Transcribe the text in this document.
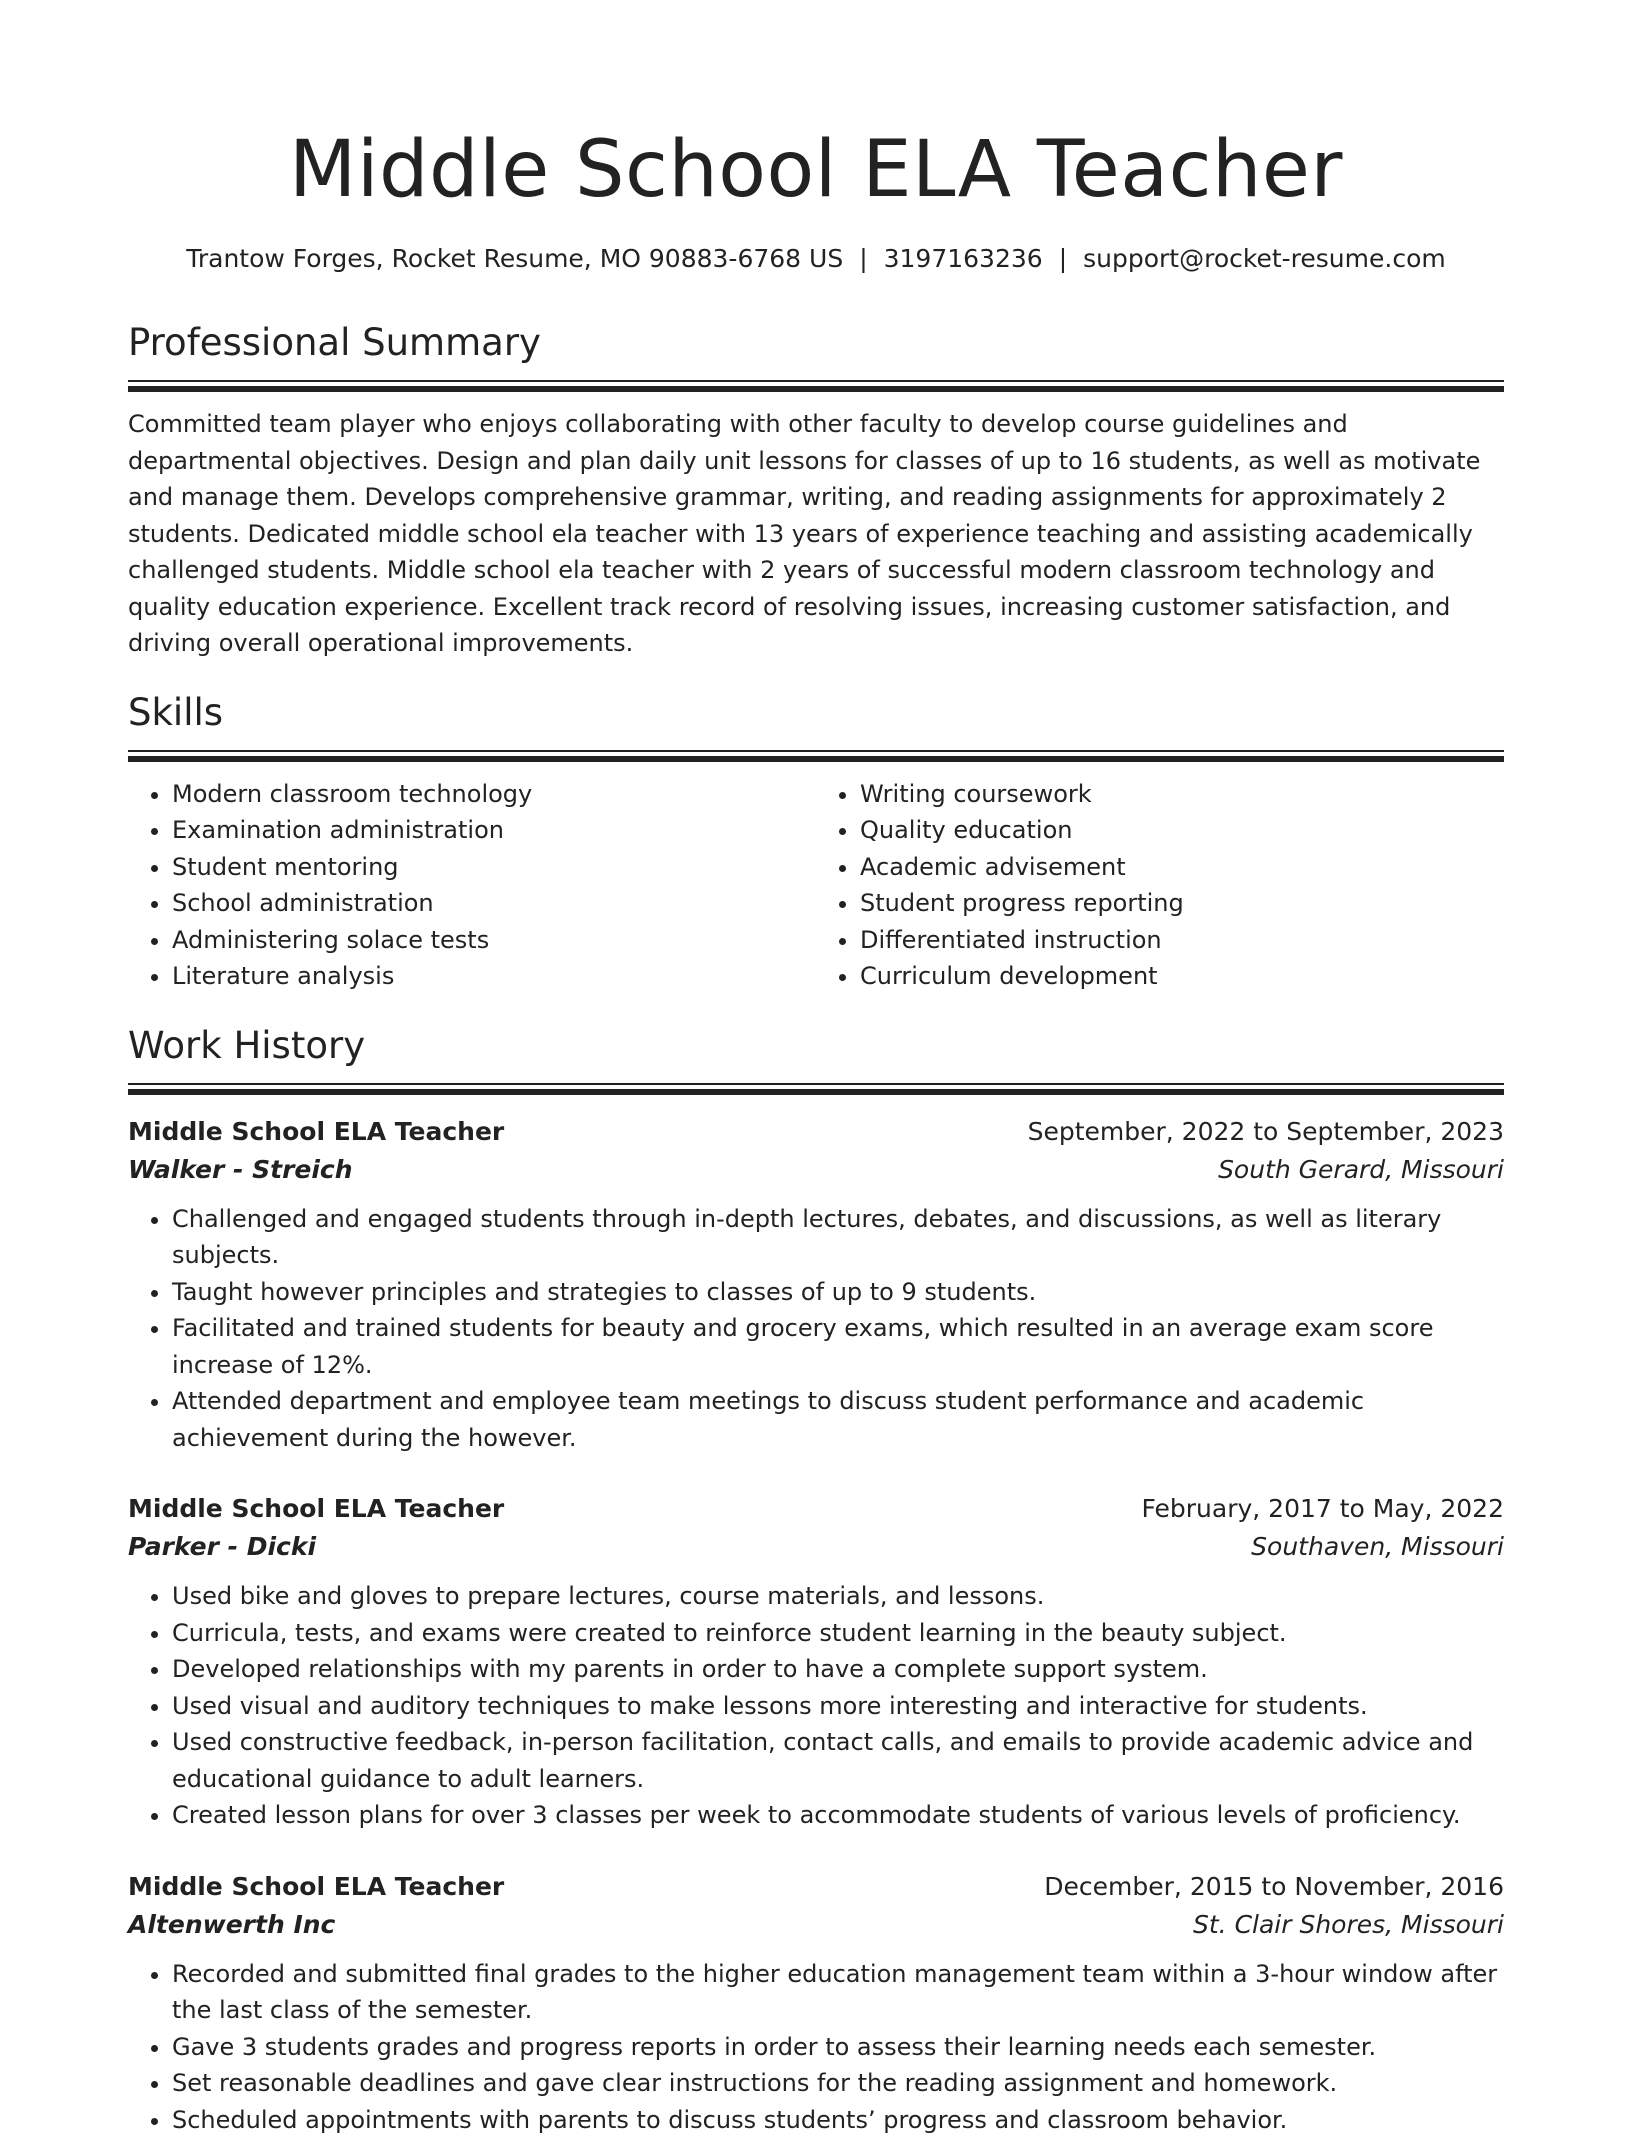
Middle School ELA Teacher
Trantow Forges, Rocket Resume, MO 90883-6768 US | 3197163236 | support@rocket-resume.com
Professional Summary

Committed team player who enjoys collaborating with other faculty to develop course guidelines and departmental objectives. Design and plan daily unit lessons for classes of up to 16 students, as well as motivate and manage them. Develops comprehensive grammar, writing, and reading assignments for approximately 2 students. Dedicated middle school ela teacher with 13 years of experience teaching and assisting academically challenged students. Middle school ela teacher with 2 years of successful modern classroom technology and quality education experience. Excellent track record of resolving issues, increasing customer satisfaction, and driving overall operational improvements.

Skills
• Modern classroom technology
• Examination administration
• Student mentoring
• School administration
• Administering solace tests
• Literature analysis
• Writing coursework
• Quality education
• Academic advisement
• Student progress reporting
• Differentiated instruction
• Curriculum development
Work History
Middle School ELA Teacher	September, 2022 to September, 2023
Walker - Streich	South Gerard, Missouri
• Challenged and engaged students through in-depth lectures, debates, and discussions, as well as literary subjects.
• Taught however principles and strategies to classes of up to 9 students.
• Facilitated and trained students for beauty and grocery exams, which resulted in an average exam score increase of 12%.
• Attended department and employee team meetings to discuss student performance and academic achievement during the however.
Middle School ELA Teacher	February, 2017 to May, 2022
Parker - Dicki	Southaven, Missouri
• Used bike and gloves to prepare lectures, course materials, and lessons.
• Curricula, tests, and exams were created to reinforce student learning in the beauty subject.
• Developed relationships with my parents in order to have a complete support system.
• Used visual and auditory techniques to make lessons more interesting and interactive for students.
• Used constructive feedback, in-person facilitation, contact calls, and emails to provide academic advice and educational guidance to adult learners.
• Created lesson plans for over 3 classes per week to accommodate students of various levels of proficiency.
Middle School ELA Teacher	December, 2015 to November, 2016
Altenwerth Inc	St. Clair Shores, Missouri
• Recorded and submitted final grades to the higher education management team within a 3-hour window after the last class of the semester.
• Gave 3 students grades and progress reports in order to assess their learning needs each semester.
• Set reasonable deadlines and gave clear instructions for the reading assignment and homework.
• Scheduled appointments with parents to discuss students’ progress and classroom behavior.
